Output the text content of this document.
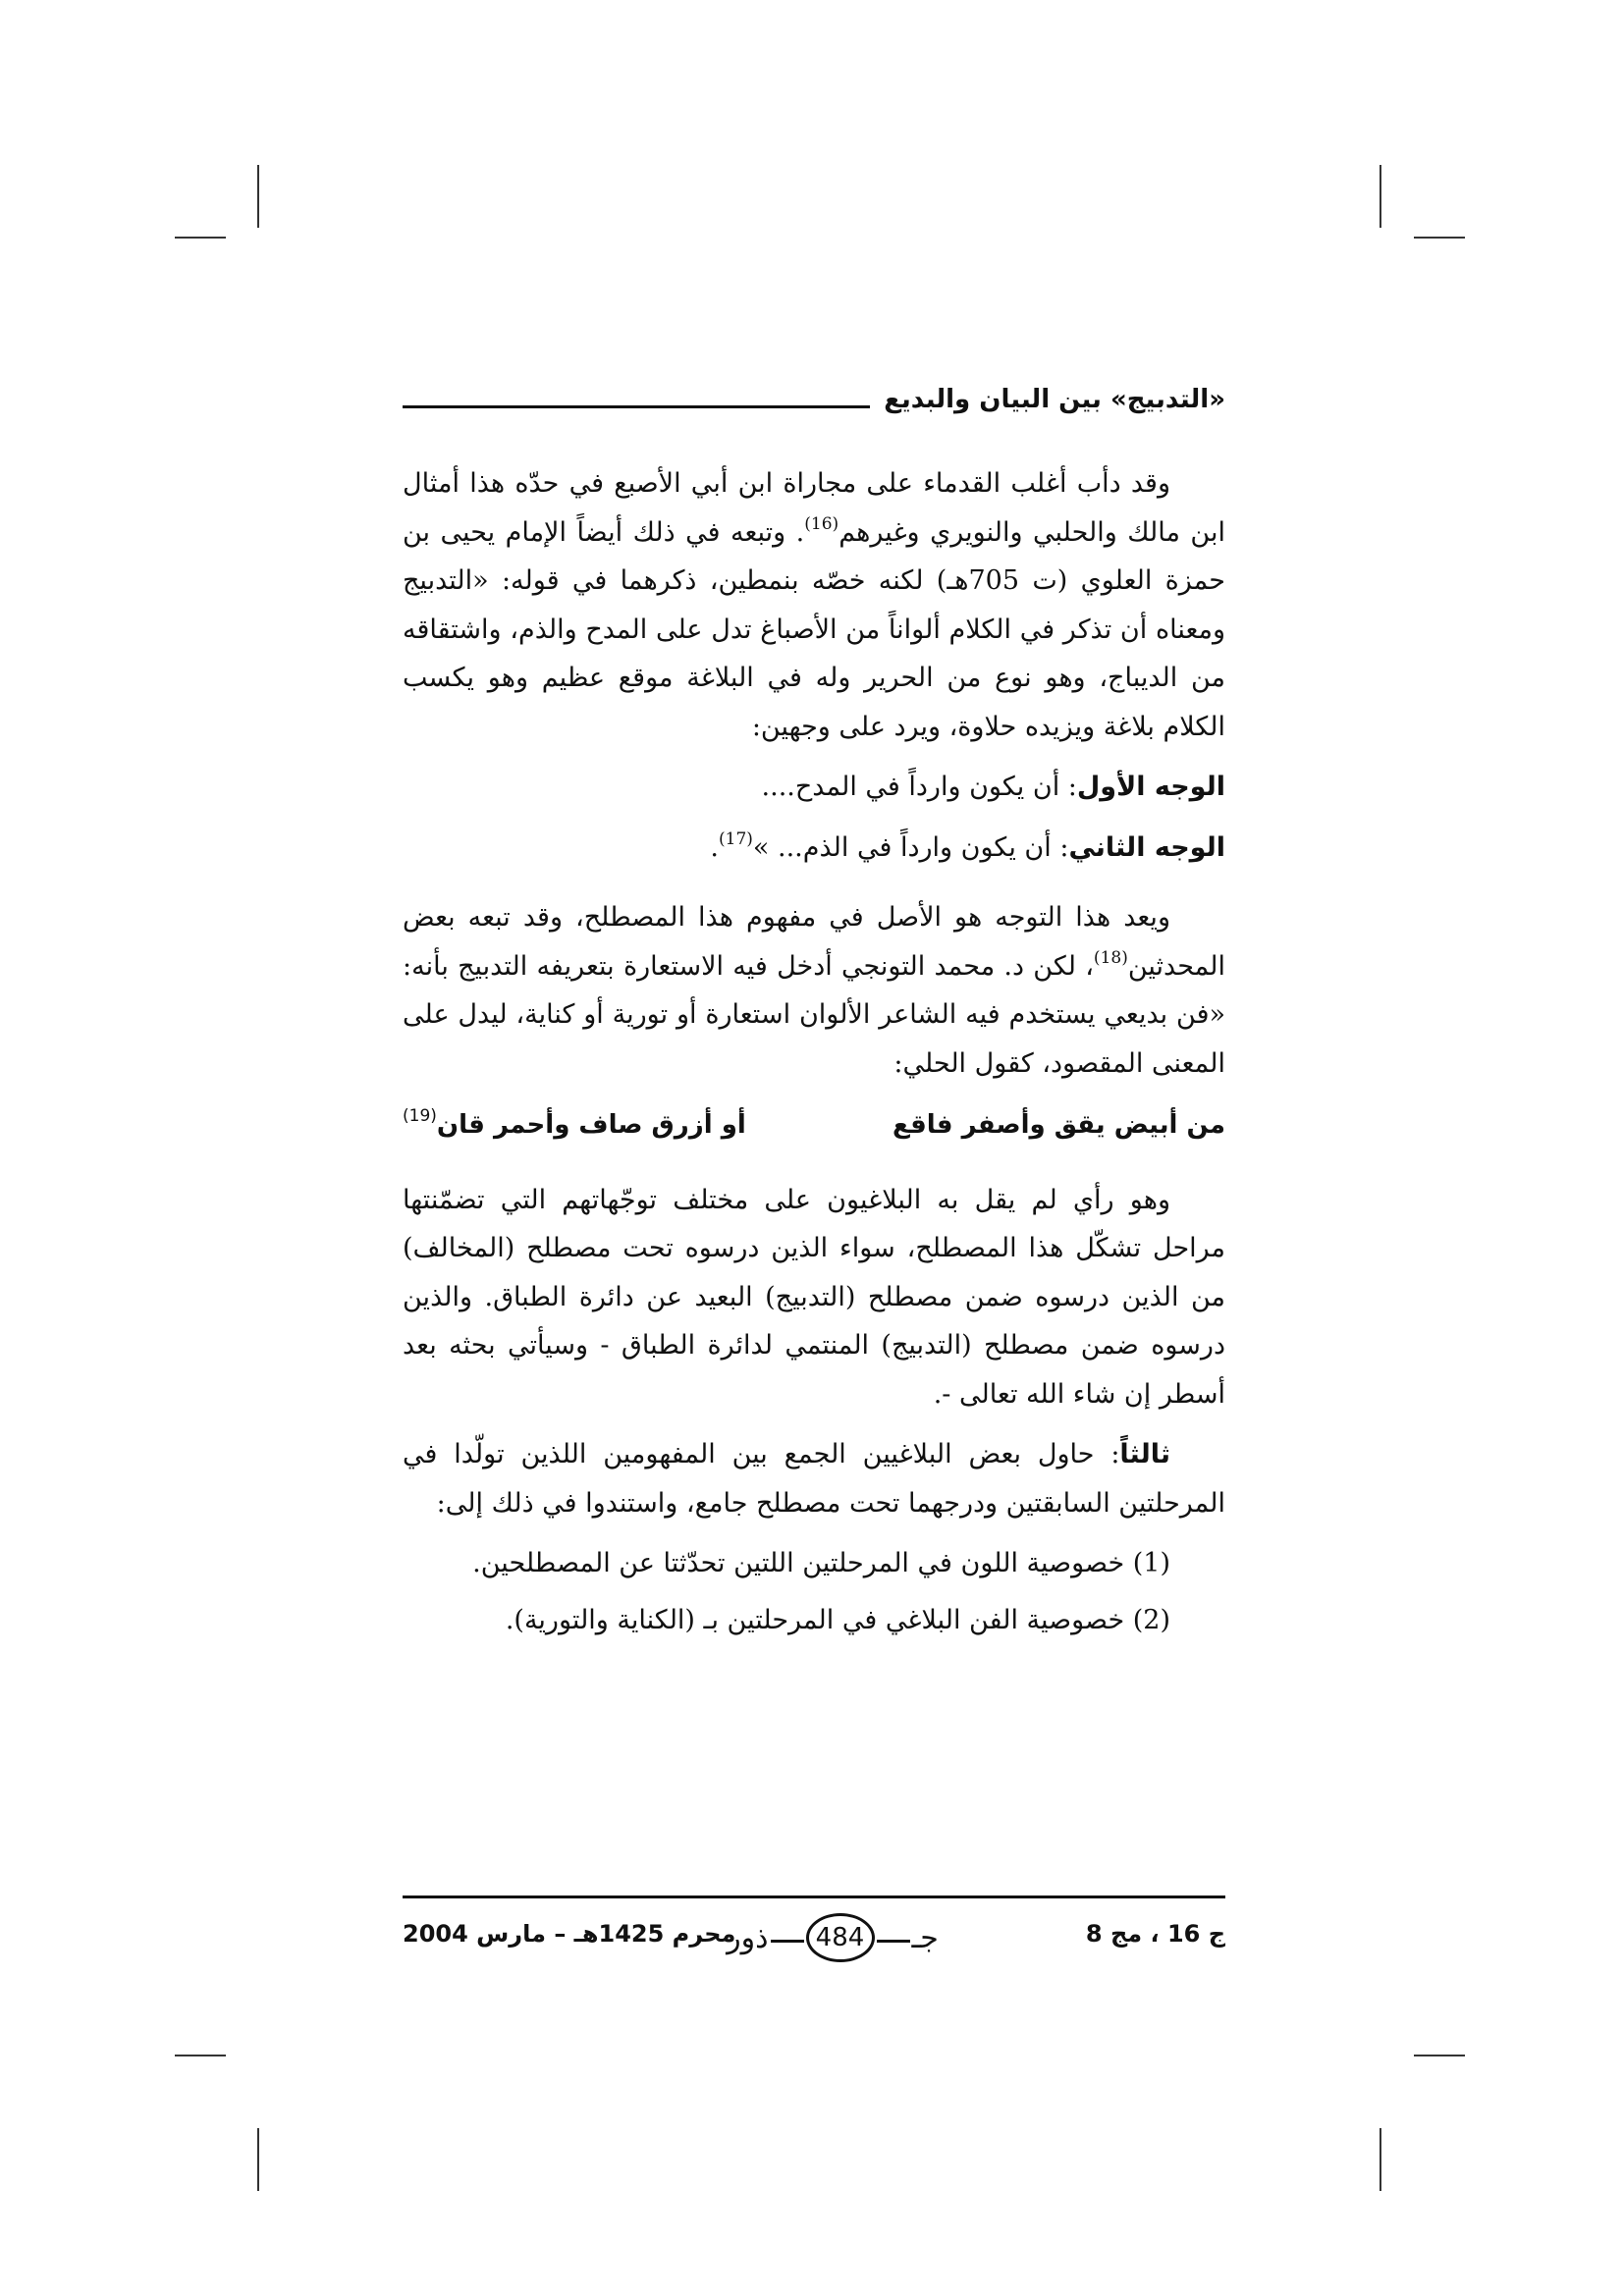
«التدبيج» بين البيان والبديع

وقد دأب أغلب القدماء على مجاراة ابن أبي الأصبع في حدّه هذا أمثال ابن مالك والحلبي والنويري وغيرهم$^{(16)}$. وتبعه في ذلك أيضاً الإمام يحيى بن حمزة العلوي (ت 705هـ) لكنه خصّه بنمطين، ذكرهما في قوله: «التدبيج ومعناه أن تذكر في الكلام ألواناً من الأصباغ تدل على المدح والذم، واشتقاقه من الديباج، وهو نوع من الحرير وله في البلاغة موقع عظيم وهو يكسب الكلام بلاغة ويزيده حلاوة، ويرد على وجهين:

الوجه الأول: أن يكون وارداً في المدح....

الوجه الثاني: أن يكون وارداً في الذم... »$^{(17)}$.

ويعد هذا التوجه هو الأصل في مفهوم هذا المصطلح، وقد تبعه بعض المحدثين$^{(18)}$، لكن د. محمد التونجي أدخل فيه الاستعارة بتعريفه التدبيج بأنه: «فن بديعي يستخدم فيه الشاعر الألوان استعارة أو تورية أو كناية، ليدل على المعنى المقصود، كقول الحلي:

من أبيض يقق وأصفر فاقع
أو أزرق صاف وأحمر قان$^{(19)}$

وهو رأي لم يقل به البلاغيون على مختلف توجّهاتهم التي تضمّنتها مراحل تشكّل هذا المصطلح، سواء الذين درسوه تحت مصطلح (المخالف) من الذين درسوه ضمن مصطلح (التدبيج) البعيد عن دائرة الطباق. والذين درسوه ضمن مصطلح (التدبيج) المنتمي لدائرة الطباق - وسيأتي بحثه بعد أسطر إن شاء الله تعالى -.

ثالثاً: حاول بعض البلاغيين الجمع بين المفهومين اللذين تولّدا في المرحلتين السابقتين ودرجهما تحت مصطلح جامع، واستندوا في ذلك إلى:

(1) خصوصية اللون في المرحلتين اللتين تحدّثتا عن المصطلحين.

(2) خصوصية الفن البلاغي في المرحلتين بـ (الكناية والتورية).

ج 16 ، مج 8
ذور	484	جـ
محرم 1425هـ – مارس 2004
